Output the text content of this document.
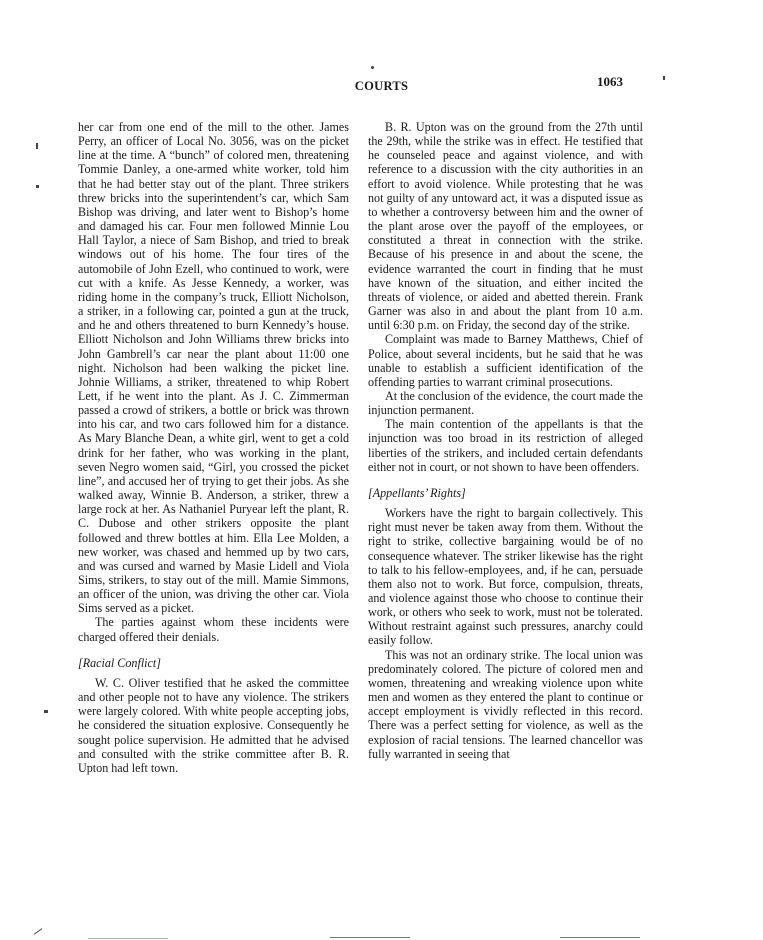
COURTS	1063

her car from one end of the mill to the other. James Perry, an officer of Local No. 3056, was on the picket line at the time. A “bunch” of colored men, threatening Tommie Danley, a one-armed white worker, told him that he had better stay out of the plant. Three strikers threw bricks into the superintendent’s car, which Sam Bishop was driving, and later went to Bishop’s home and damaged his car. Four men followed Minnie Lou Hall Taylor, a niece of Sam Bishop, and tried to break windows out of his home. The four tires of the automobile of John Ezell, who continued to work, were cut with a knife. As Jesse Kennedy, a worker, was riding home in the company’s truck, Elliott Nicholson, a striker, in a following car, pointed a gun at the truck, and he and others threatened to burn Kennedy’s house. Elliott Nicholson and John Williams threw bricks into John Gambrell’s car near the plant about 11:00 one night. Nicholson had been walking the picket line. Johnie Williams, a striker, threatened to whip Robert Lett, if he went into the plant. As J. C. Zimmerman passed a crowd of strikers, a bottle or brick was thrown into his car, and two cars followed him for a distance. As Mary Blanche Dean, a white girl, went to get a cold drink for her father, who was working in the plant, seven Negro women said, “Girl, you crossed the picket line”, and accused her of trying to get their jobs. As she walked away, Winnie B. Anderson, a striker, threw a large rock at her. As Nathaniel Puryear left the plant, R. C. Dubose and other strikers opposite the plant followed and threw bottles at him. Ella Lee Molden, a new worker, was chased and hemmed up by two cars, and was cursed and warned by Masie Lidell and Viola Sims, strikers, to stay out of the mill. Mamie Simmons, an officer of the union, was driving the other car. Viola Sims served as a picket.

The parties against whom these incidents were charged offered their denials.

[Racial Conflict]

W. C. Oliver testified that he asked the committee and other people not to have any violence. The strikers were largely colored. With white people accepting jobs, he considered the situation explosive. Consequently he sought police supervision. He admitted that he advised and consulted with the strike committee after B. R. Upton had left town.

B. R. Upton was on the ground from the 27th until the 29th, while the strike was in effect. He testified that he counseled peace and against violence, and with reference to a discussion with the city authorities in an effort to avoid violence. While protesting that he was not guilty of any untoward act, it was a disputed issue as to whether a controversy between him and the owner of the plant arose over the payoff of the employees, or constituted a threat in connection with the strike. Because of his presence in and about the scene, the evidence warranted the court in finding that he must have known of the situation, and either incited the threats of violence, or aided and abetted therein. Frank Garner was also in and about the plant from 10 a.m. until 6:30 p.m. on Friday, the second day of the strike.

Complaint was made to Barney Matthews, Chief of Police, about several incidents, but he said that he was unable to establish a sufficient identification of the offending parties to warrant criminal prosecutions.

At the conclusion of the evidence, the court made the injunction permanent.

The main contention of the appellants is that the injunction was too broad in its restriction of alleged liberties of the strikers, and included certain defendants either not in court, or not shown to have been offenders.

[Appellants’ Rights]

Workers have the right to bargain collectively. This right must never be taken away from them. Without the right to strike, collective bargaining would be of no consequence whatever. The striker likewise has the right to talk to his fellow-employees, and, if he can, persuade them also not to work. But force, compulsion, threats, and violence against those who choose to continue their work, or others who seek to work, must not be tolerated. Without restraint against such pressures, anarchy could easily follow.

This was not an ordinary strike. The local union was predominately colored. The picture of colored men and women, threatening and wreaking violence upon white men and women as they entered the plant to continue or accept employment is vividly reflected in this record. There was a perfect setting for violence, as well as the explosion of racial tensions. The learned chancellor was fully warranted in seeing that
